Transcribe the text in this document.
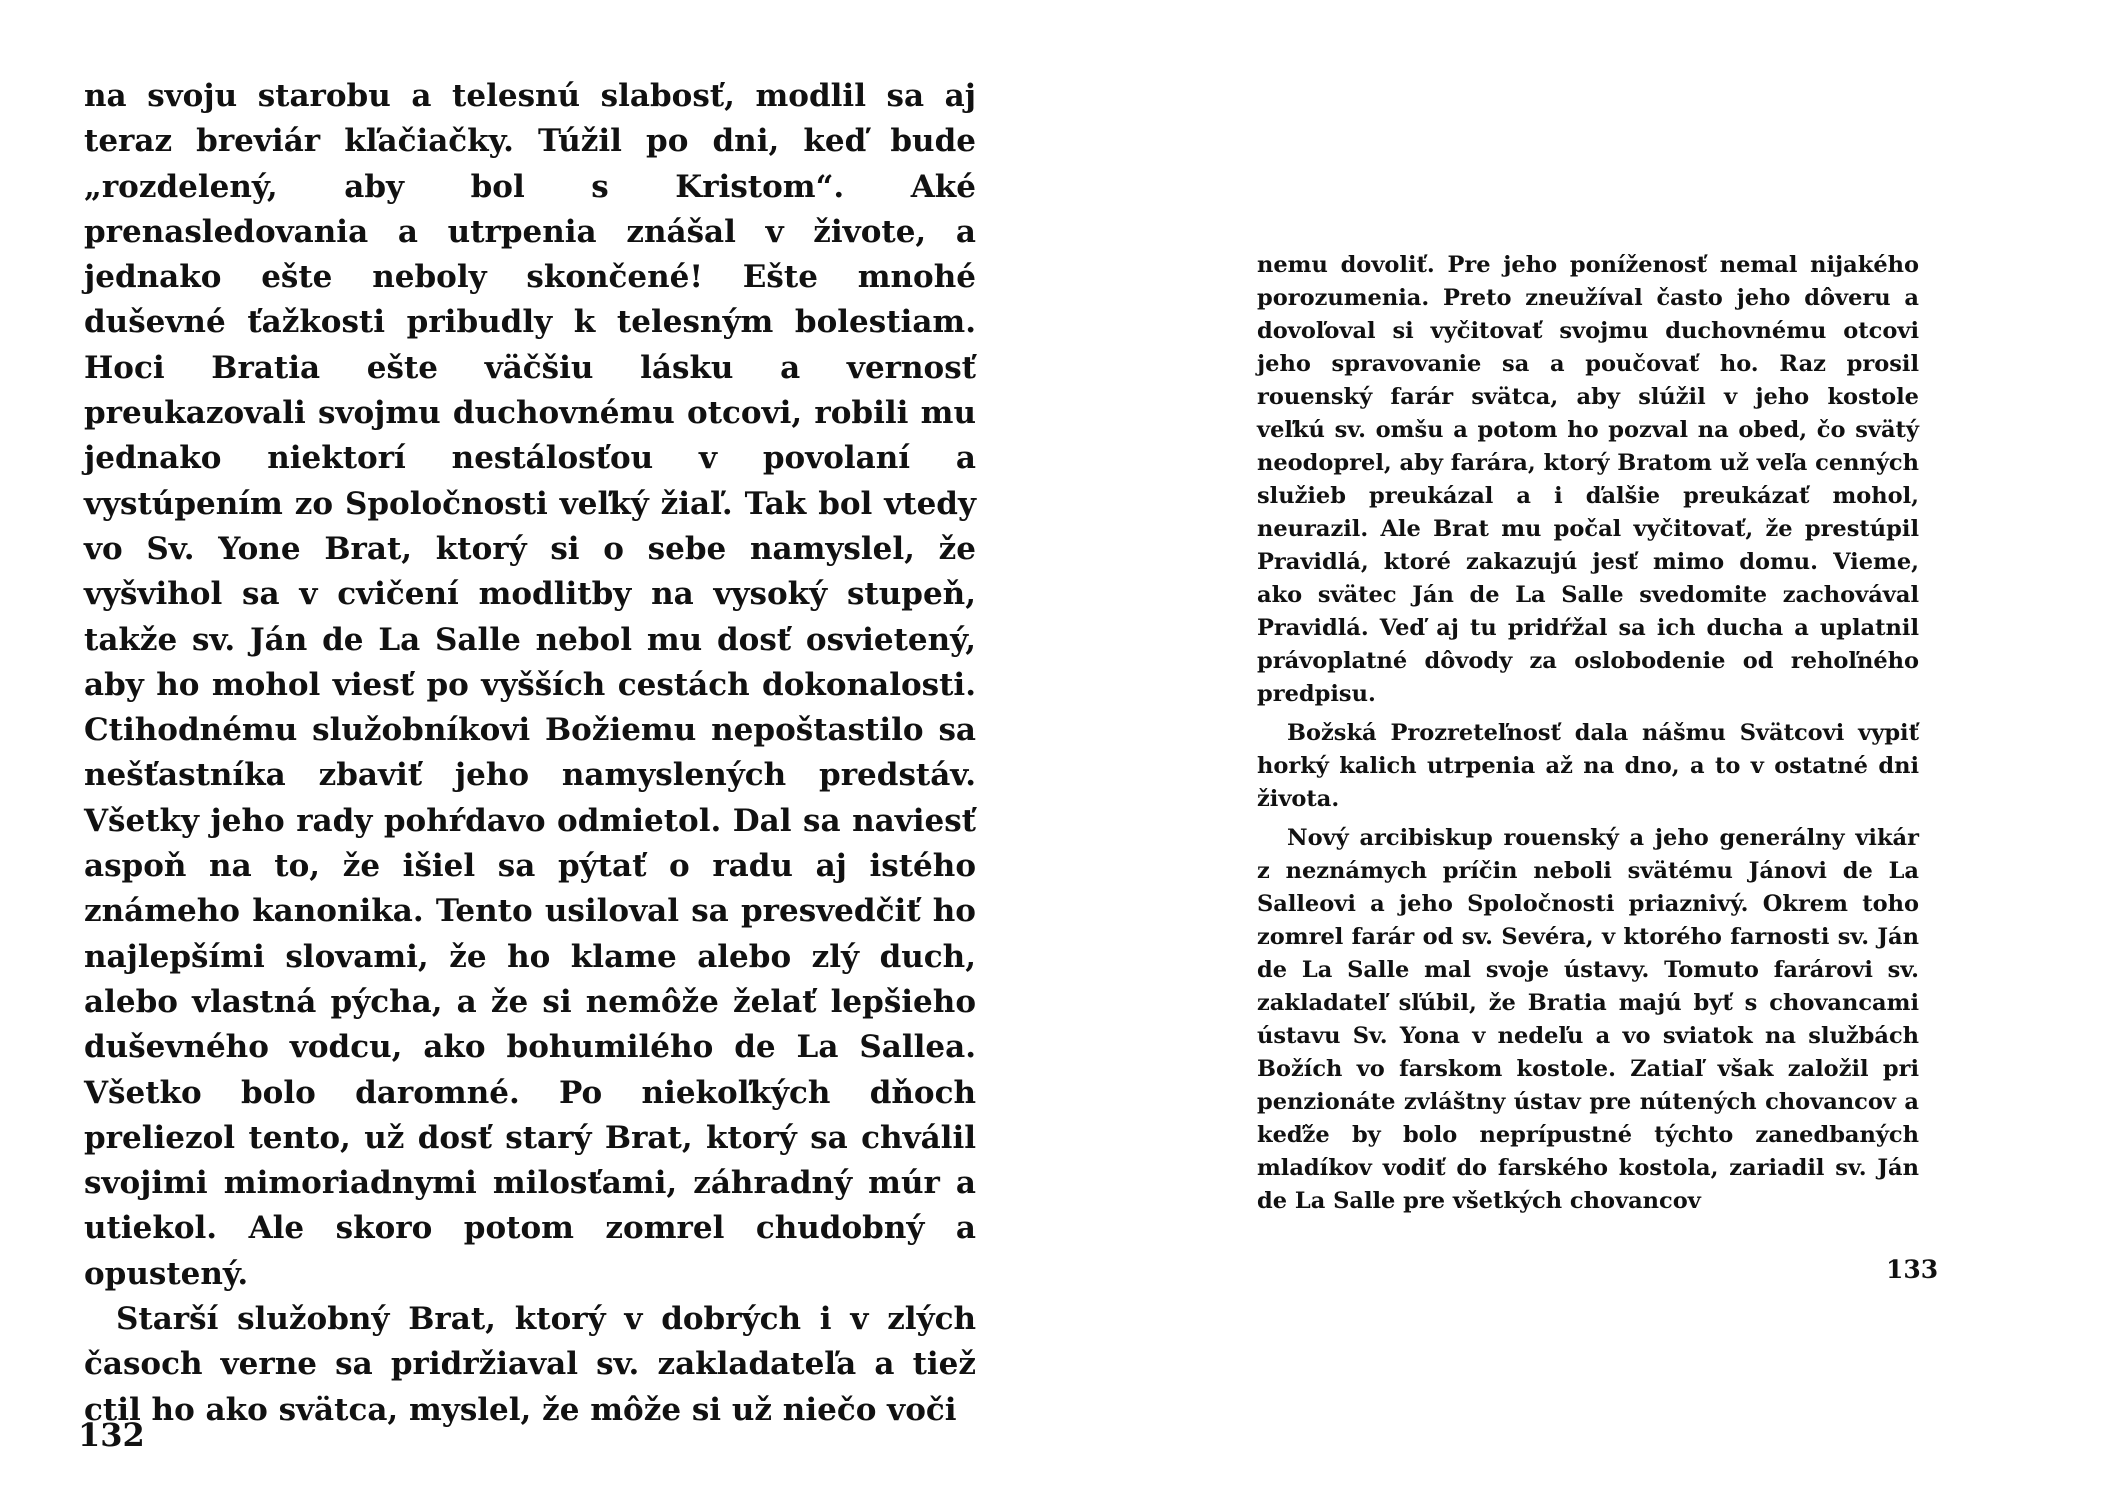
na svoju starobu a telesnú slabosť, modlil sa aj teraz breviár kľačiačky. Túžil po dni, keď bude „rozdelený, aby bol s Kristom“. Aké prenasledovania a utrpenia znášal v živote, a jednako ešte neboly skončené! Ešte mnohé duševné ťažkosti pribudly k telesným bolestiam. Hoci Bratia ešte väčšiu lásku a vernosť preukazovali svojmu duchovnému otcovi, robili mu jednako niektorí nestálosťou v povolaní a vystúpením zo Spoločnosti veľký žiaľ. Tak bol vtedy vo Sv. Yone Brat, ktorý si o sebe namyslel, že vyšvihol sa v cvičení modlitby na vysoký stupeň, takže sv. Ján de La Salle nebol mu dosť osvietený, aby ho mohol viesť po vyšších cestách dokonalosti. Ctihodnému služobníkovi Božiemu nepoštastilo sa nešťastníka zbaviť jeho namyslených predstáv. Všetky jeho rady pohŕdavo odmietol. Dal sa naviesť aspoň na to, že išiel sa pýtať o radu aj istého známeho kanonika. Tento usiloval sa presvedčiť ho najlepšími slovami, že ho klame alebo zlý duch, alebo vlastná pýcha, a že si nemôže želať lepšieho duševného vodcu, ako bohumilého de La Sallea. Všetko bolo daromné. Po niekoľkých dňoch preliezol tento, už dosť starý Brat, ktorý sa chválil svojimi mimoriadnymi milosťami, záhradný múr a utiekol. Ale skoro potom zomrel chudobný a opustený.

Starší služobný Brat, ktorý v dobrých i v zlých časoch verne sa pridržiaval sv. zakladateľa a tiež ctil ho ako svätca, myslel, že môže si už niečo voči

132

nemu dovoliť. Pre jeho poníženosť nemal nijakého porozumenia. Preto zneužíval často jeho dôveru a dovoľoval si vyčitovať svojmu duchovnému otcovi jeho spravovanie sa a poučovať ho. Raz prosil rouenský farár svätca, aby slúžil v jeho kostole veľkú sv. omšu a potom ho pozval na obed, čo svätý neodoprel, aby farára, ktorý Bratom už veľa cenných služieb preukázal a i ďalšie preukázať mohol, neurazil. Ale Brat mu počal vyčitovať, že prestúpil Pravidlá, ktoré zakazujú jesť mimo domu. Vieme, ako svätec Ján de La Salle svedomite zachovával Pravidlá. Veď aj tu pridŕžal sa ich ducha a uplatnil právoplatné dôvody za oslobodenie od rehoľného predpisu.

Božská Prozreteľnosť dala nášmu Svätcovi vypiť horký kalich utrpenia až na dno, a to v ostatné dni života.

Nový arcibiskup rouenský a jeho generálny vikár z neznámych príčin neboli svätému Jánovi de La Salleovi a jeho Spoločnosti priaznivý. Okrem toho zomrel farár od sv. Sevéra, v ktorého farnosti sv. Ján de La Salle mal svoje ústavy. Tomuto farárovi sv. zakladateľ sľúbil, že Bratia majú byť s chovancami ústavu Sv. Yona v nedeľu a vo sviatok na službách Božích vo farskom kostole. Zatiaľ však založil pri penzionáte zvláštny ústav pre nútených chovancov a keďže by bolo neprípustné týchto zanedbaných mladíkov vodiť do farského kostola, zariadil sv. Ján de La Salle pre všetkých chovancov

133
